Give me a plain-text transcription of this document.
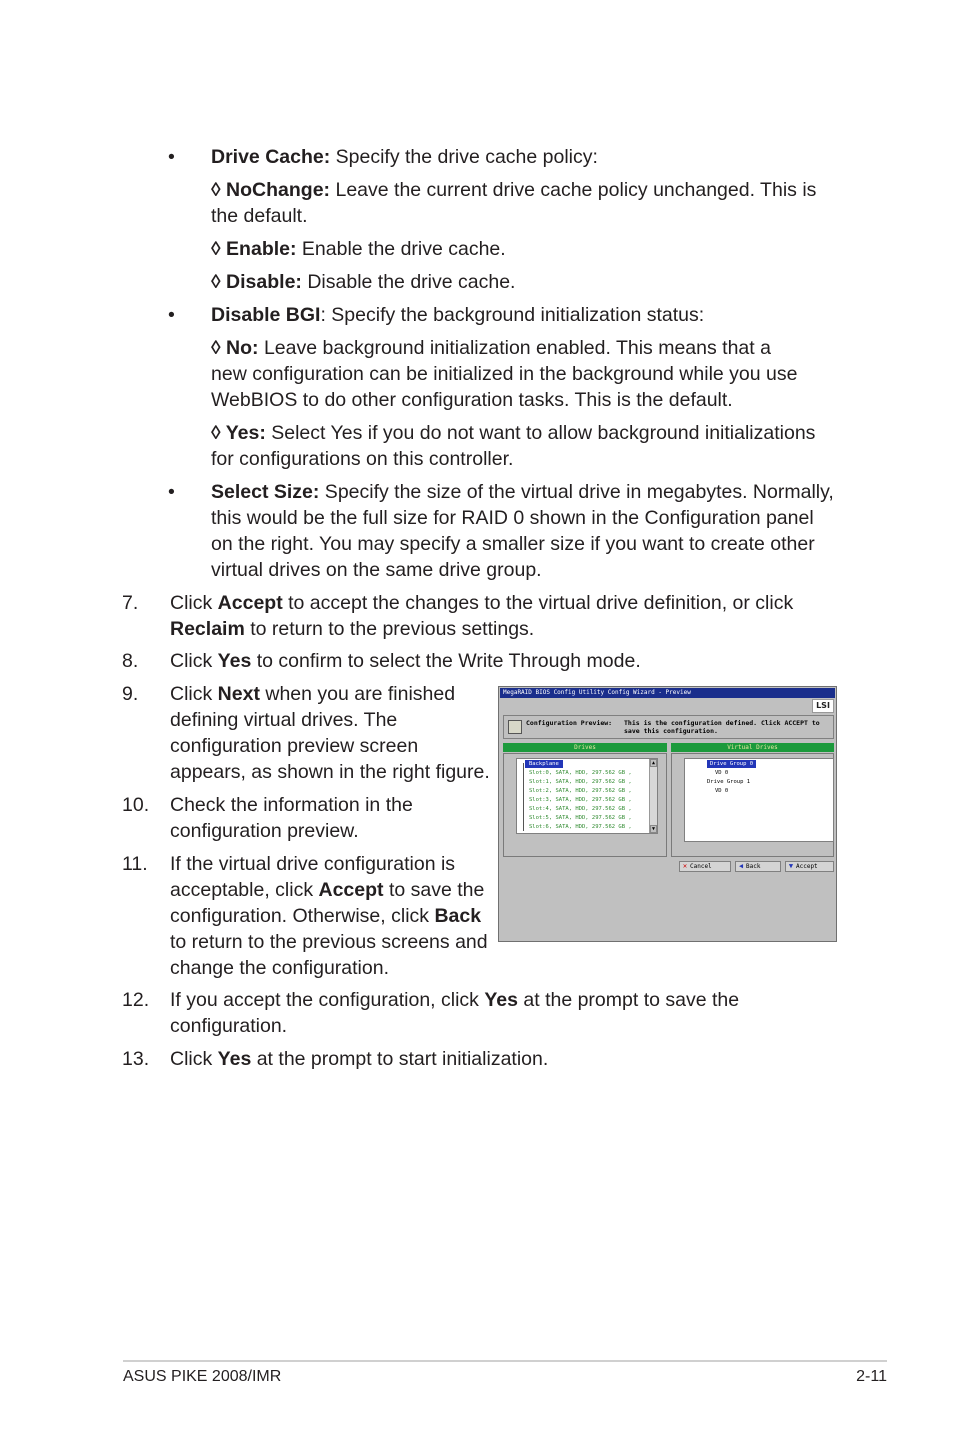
•	Drive Cache: Specify the drive cache policy:
◊ NoChange: Leave the current drive cache policy unchanged. This is
the default.
◊ Enable: Enable the drive cache.
◊ Disable: Disable the drive cache.
•	Disable BGI: Specify the background initialization status:
◊ No: Leave background initialization enabled. This means that a
new configuration can be initialized in the background while you use
WebBIOS to do other configuration tasks. This is the default.
◊ Yes: Select Yes if you do not want to allow background initializations
for configurations on this controller.
•	Select Size: Specify the size of the virtual drive in megabytes. Normally,
this would be the full size for RAID 0 shown in the Configuration panel
on the right. You may specify a smaller size if you want to create other
virtual drives on the same drive group.
7.	Click Accept to accept the changes to the virtual drive definition, or click
Reclaim to return to the previous settings.
8.	Click Yes to confirm to select the Write Through mode.
9.	Click Next when you are finished
defining virtual drives. The
configuration preview screen
appears, as shown in the right figure.
10.	Check the information in the
configuration preview.
11.	If the virtual drive configuration is
acceptable, click Accept to save the
configuration. Otherwise, click Back
to return to the previous screens and
change the configuration.
12.	If you accept the configuration, click Yes at the prompt to save the
configuration.
13.	Click Yes at the prompt to start initialization.
MegaRAID BIOS Config Utility Config Wizard - Preview
LSI
Configuration Preview: This is the configuration defined. Click ACCEPT to save this configuration.
Drives	Virtual Drives
Backplane
Slot:0, SATA, HDD, 297.562 GB ,
Slot:1, SATA, HDD, 297.562 GB ,
Slot:2, SATA, HDD, 297.562 GB ,
Slot:3, SATA, HDD, 297.562 GB ,
Slot:4, SATA, HDD, 297.562 GB ,
Slot:5, SATA, HDD, 297.562 GB ,
Slot:6, SATA, HDD, 297.562 GB ,
▲
▼
Drive Group 0
VD 0
Drive Group 1
VD 0
✕ Cancel	◀ Back	▼ Accept
ASUS PIKE 2008/IMR	2-11
